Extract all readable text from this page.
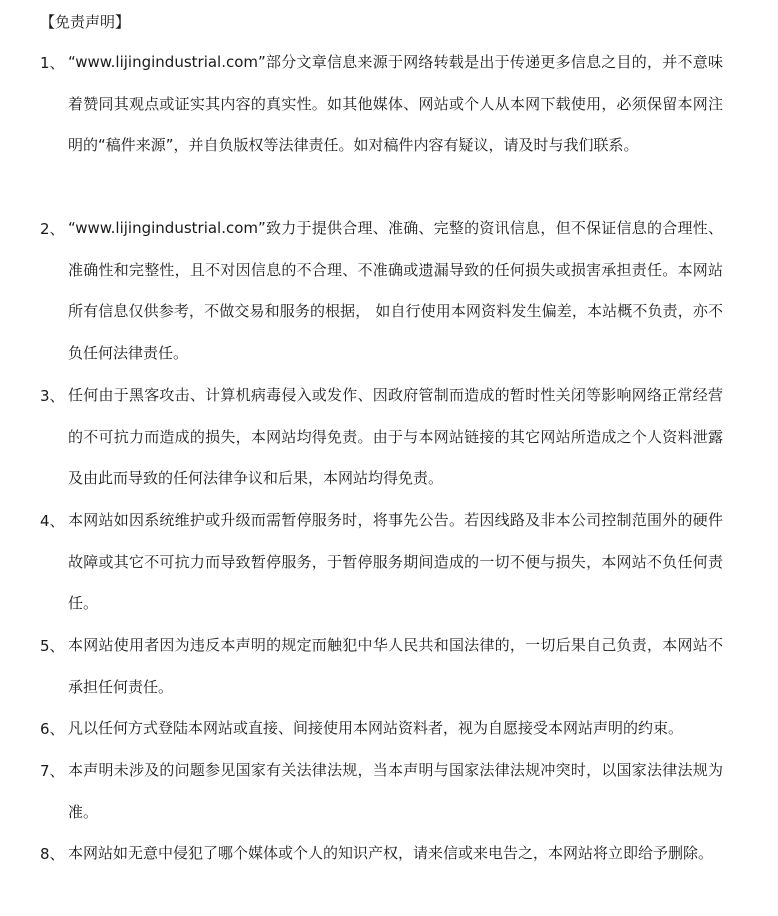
【免责声明】
1、 “www.lijingindustrial.com”部分文章信息来源于网络转载是出于传递更多信息之目的，并不意味着赞同其观点或证实其内容的真实性。如其他媒体、网站或个人从本网下载使用，必须保留本网注明的“稿件来源”，并自负版权等法律责任。如对稿件内容有疑议，请及时与我们联系。
2、 “www.lijingindustrial.com”致力于提供合理、准确、完整的资讯信息，但不保证信息的合理性、准确性和完整性，且不对因信息的不合理、不准确或遗漏导致的任何损失或损害承担责任。本网站所有信息仅供参考，不做交易和服务的根据， 如自行使用本网资料发生偏差，本站概不负责，亦不负任何法律责任。
3、 任何由于黑客攻击、计算机病毒侵入或发作、因政府管制而造成的暂时性关闭等影响网络正常经营的不可抗力而造成的损失，本网站均得免责。由于与本网站链接的其它网站所造成之个人资料泄露及由此而导致的任何法律争议和后果，本网站均得免责。
4、 本网站如因系统维护或升级而需暂停服务时，将事先公告。若因线路及非本公司控制范围外的硬件故障或其它不可抗力而导致暂停服务，于暂停服务期间造成的一切不便与损失，本网站不负任何责任。
5、 本网站使用者因为违反本声明的规定而触犯中华人民共和国法律的，一切后果自己负责，本网站不承担任何责任。
6、 凡以任何方式登陆本网站或直接、间接使用本网站资料者，视为自愿接受本网站声明的约束。
7、 本声明未涉及的问题参见国家有关法律法规，当本声明与国家法律法规冲突时，以国家法律法规为准。
8、 本网站如无意中侵犯了哪个媒体或个人的知识产权，请来信或来电告之，本网站将立即给予删除。
